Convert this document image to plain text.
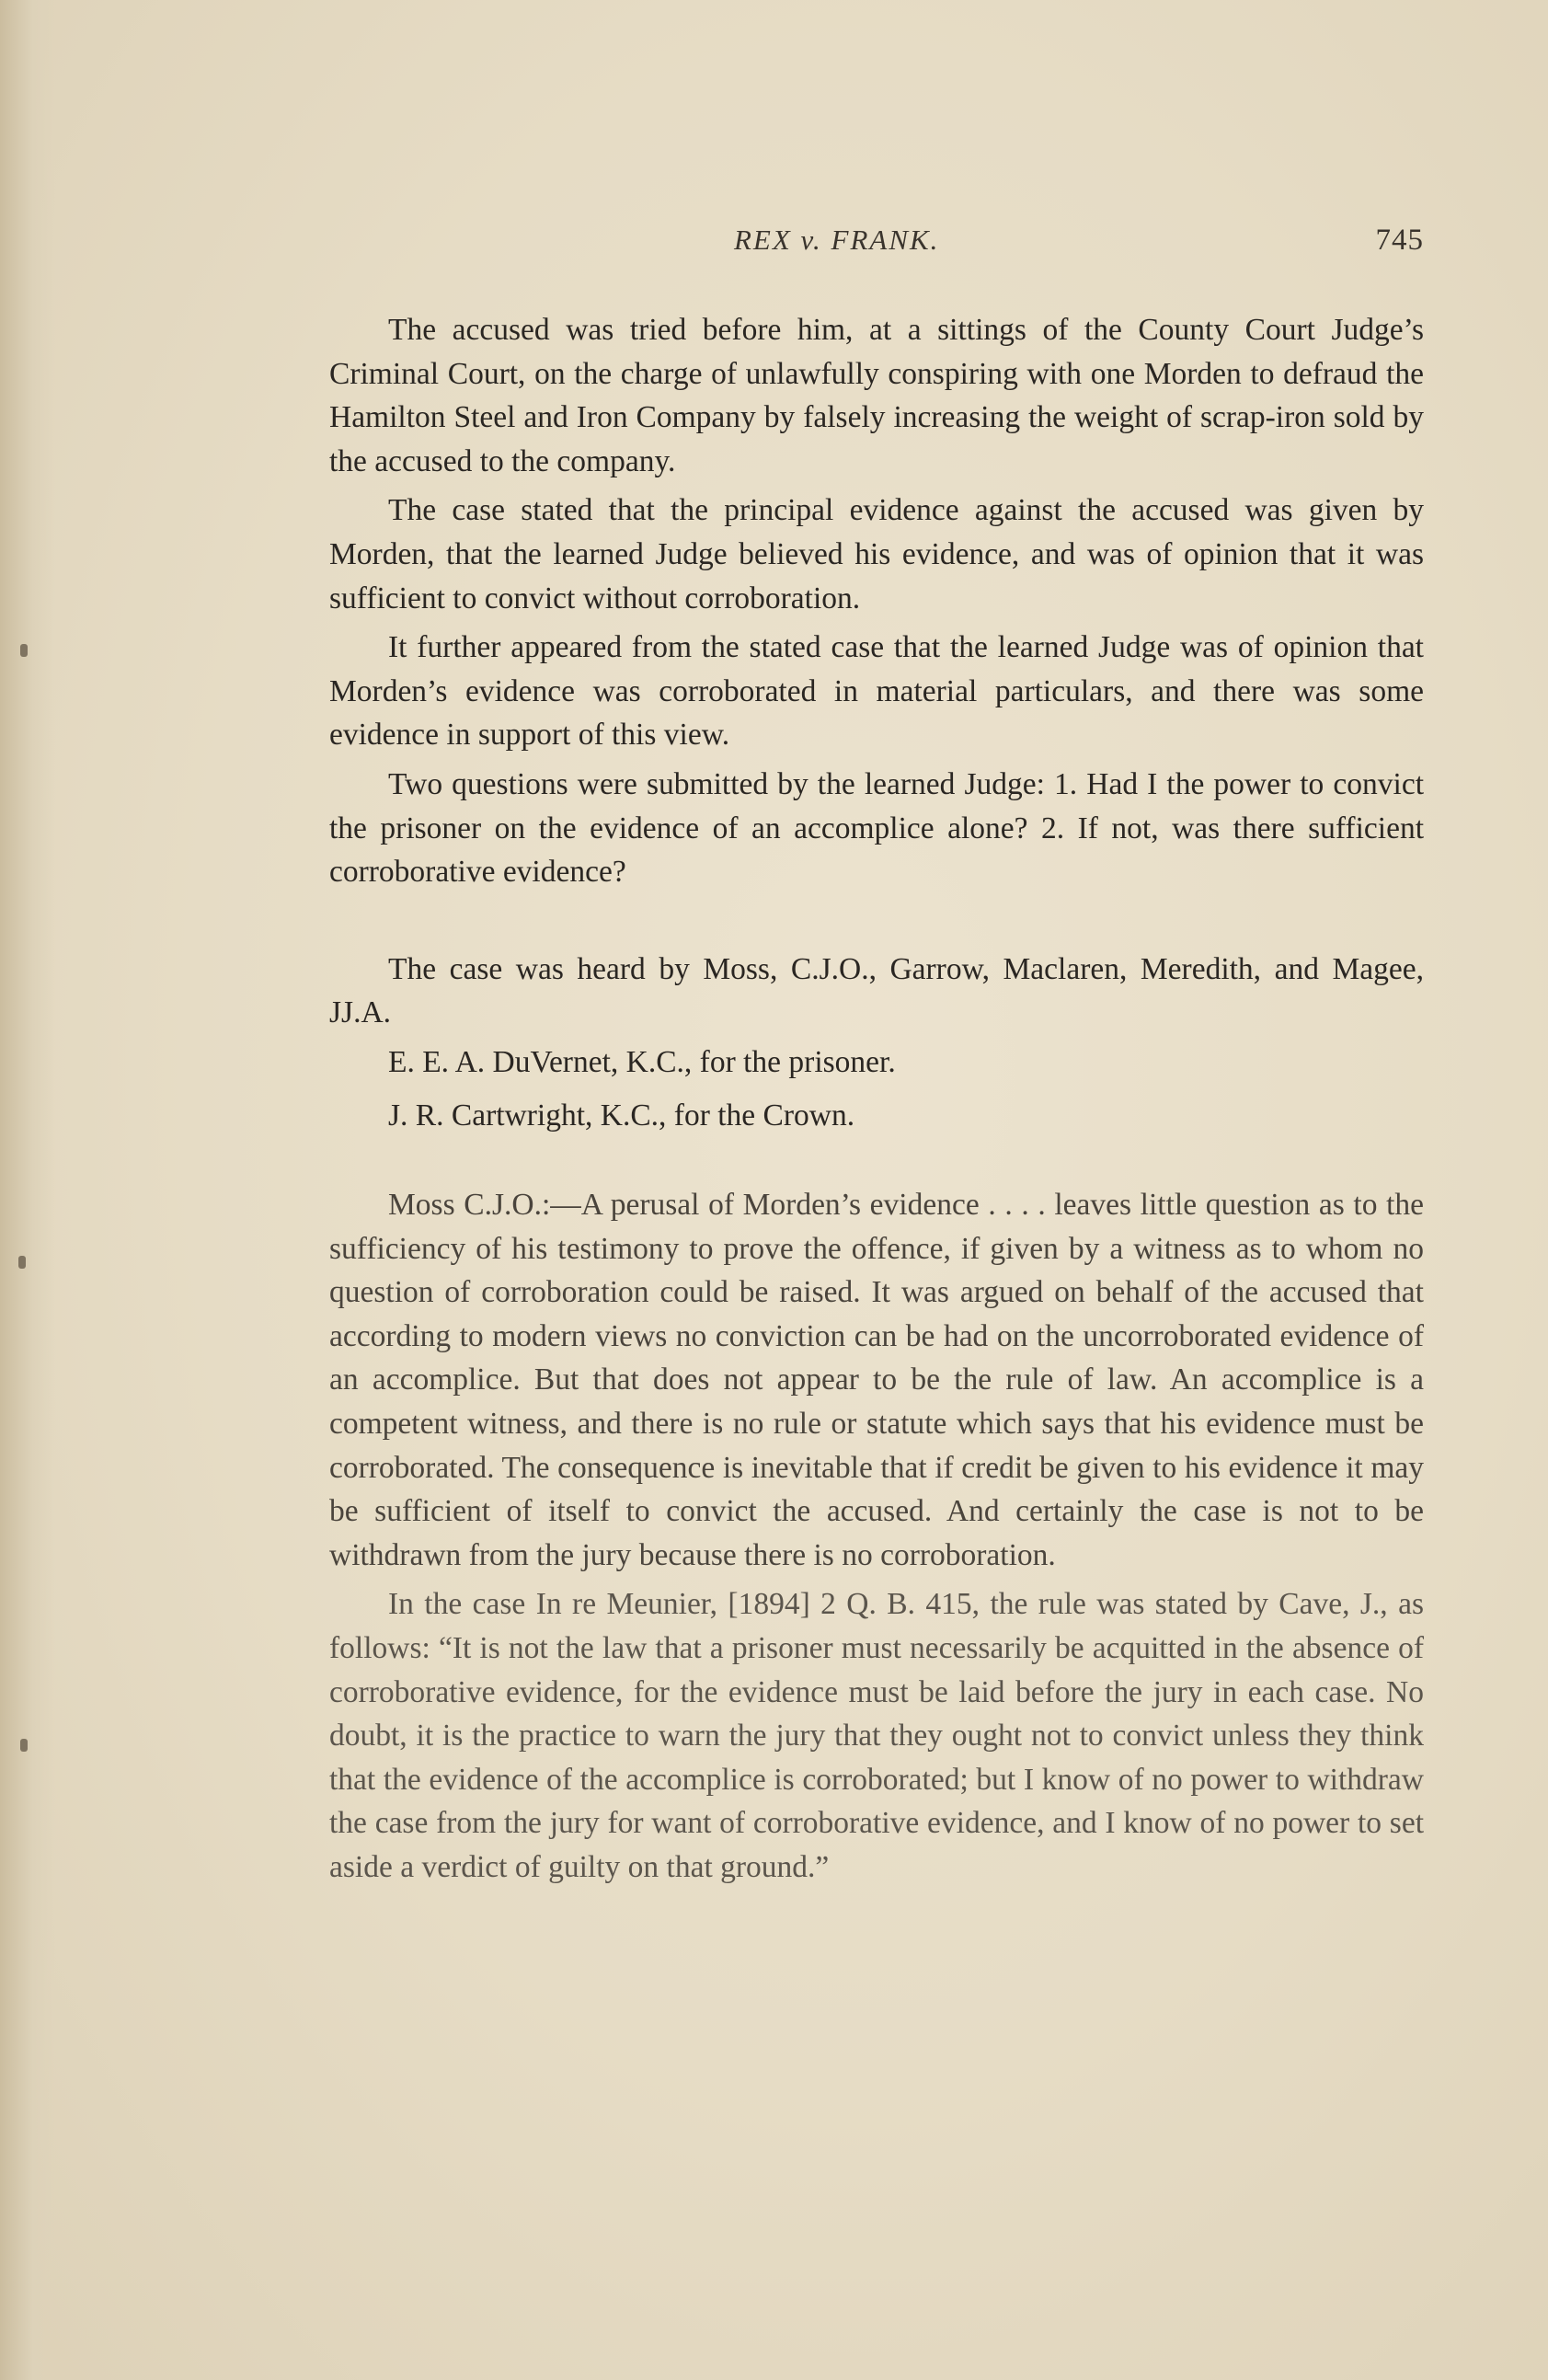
REX v. FRANK.	745

The accused was tried before him, at a sittings of the County Court Judge’s Criminal Court, on the charge of unlawfully conspiring with one Morden to defraud the Hamilton Steel and Iron Company by falsely increasing the weight of scrap-iron sold by the accused to the company.

The case stated that the principal evidence against the accused was given by Morden, that the learned Judge believed his evidence, and was of opinion that it was sufficient to convict without corroboration.

It further appeared from the stated case that the learned Judge was of opinion that Morden’s evidence was corroborated in material particulars, and there was some evidence in support of this view.

Two questions were submitted by the learned Judge: 1. Had I the power to convict the prisoner on the evidence of an accomplice alone? 2. If not, was there sufficient corroborative evidence?

The case was heard by Moss, C.J.O., Garrow, Maclaren, Meredith, and Magee, JJ.A.

E. E. A. DuVernet, K.C., for the prisoner.

J. R. Cartwright, K.C., for the Crown.

Moss C.J.O.:—A perusal of Morden’s evidence . . . . leaves little question as to the sufficiency of his testimony to prove the offence, if given by a witness as to whom no question of corroboration could be raised. It was argued on behalf of the accused that according to modern views no conviction can be had on the uncorroborated evidence of an accomplice. But that does not appear to be the rule of law. An accomplice is a competent witness, and there is no rule or statute which says that his evidence must be corroborated. The consequence is inevitable that if credit be given to his evidence it may be sufficient of itself to convict the accused. And certainly the case is not to be withdrawn from the jury because there is no corroboration.

In the case In re Meunier, [1894] 2 Q. B. 415, the rule was stated by Cave, J., as follows: “It is not the law that a prisoner must necessarily be acquitted in the absence of corroborative evidence, for the evidence must be laid before the jury in each case. No doubt, it is the practice to warn the jury that they ought not to convict unless they think that the evidence of the accomplice is corroborated; but I know of no power to withdraw the case from the jury for want of corroborative evidence, and I know of no power to set aside a verdict of guilty on that ground.”
